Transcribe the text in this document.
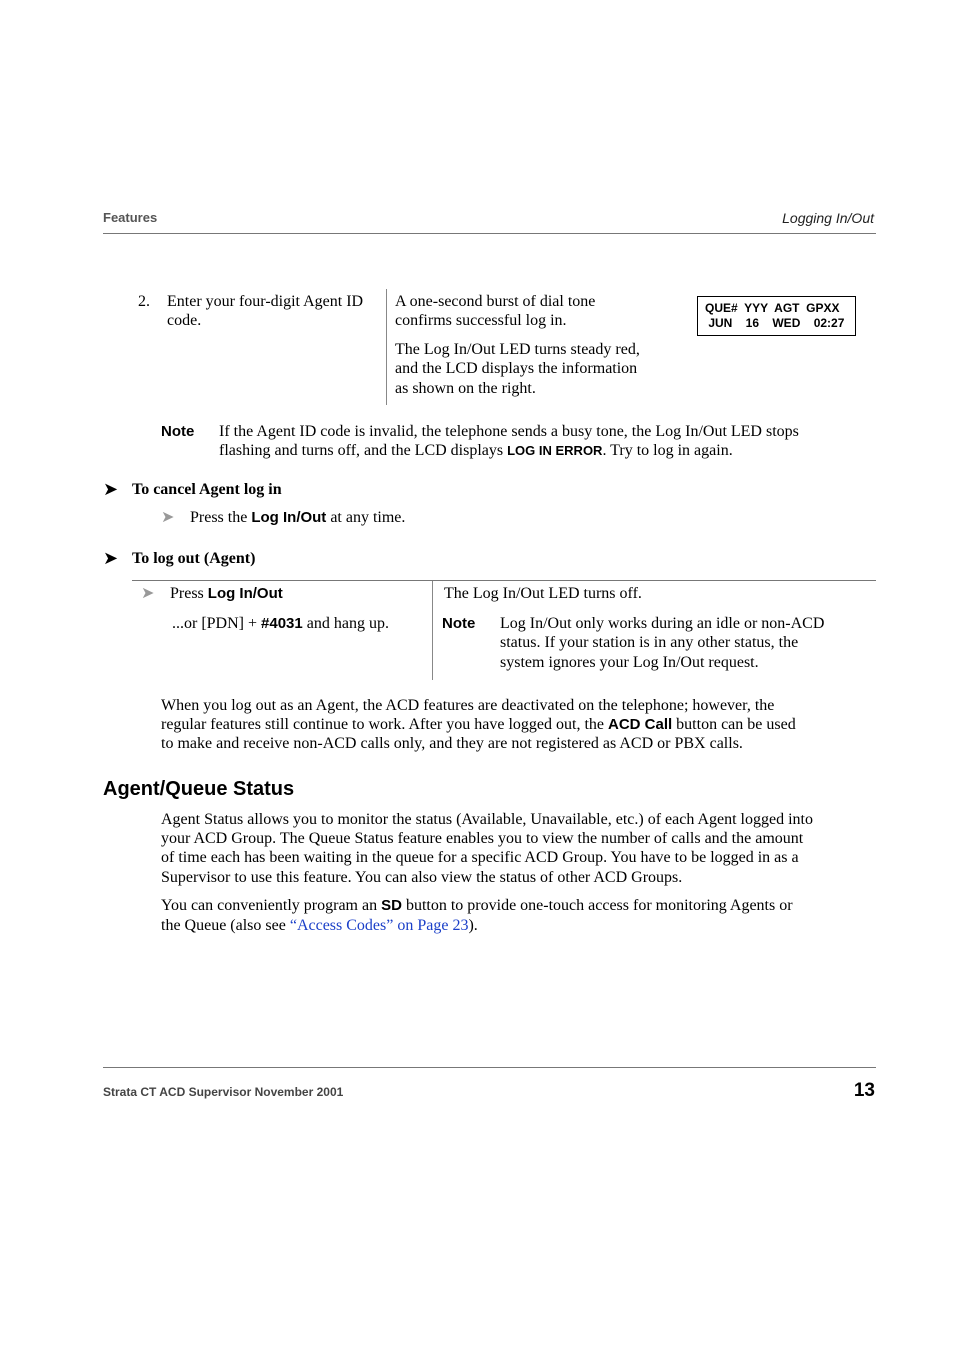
Features	Logging In/Out
2. Enter your four-digit Agent ID
code.
A one-second burst of dial tone
confirms successful log in.
The Log In/Out LED turns steady red,
and the LCD displays the information
as shown on the right.
QUE#  YYY  AGT  GPXX
JUN    16    WED    02:27
Note If the Agent ID code is invalid, the telephone sends a busy tone, the Log In/Out LED stops
flashing and turns off, and the LCD displays LOG IN ERROR. Try to log in again.
➤ To cancel Agent log in
➤ Press the Log In/Out at any time.
➤ To log out (Agent)
➤ Press Log In/Out
...or [PDN] + #4031 and hang up.
The Log In/Out LED turns off.
Note Log In/Out only works during an idle or non-ACD
status. If your station is in any other status, the
system ignores your Log In/Out request.
When you log out as an Agent, the ACD features are deactivated on the telephone; however, the
regular features still continue to work. After you have logged out, the ACD Call button can be used
to make and receive non-ACD calls only, and they are not registered as ACD or PBX calls.
Agent/Queue Status
Agent Status allows you to monitor the status (Available, Unavailable, etc.) of each Agent logged into
your ACD Group. The Queue Status feature enables you to view the number of calls and the amount
of time each has been waiting in the queue for a specific ACD Group. You have to be logged in as a
Supervisor to use this feature. You can also view the status of other ACD Groups.
You can conveniently program an SD button to provide one-touch access for monitoring Agents or
the Queue (also see “Access Codes” on Page 23).
Strata CT ACD Supervisor November 2001	13
